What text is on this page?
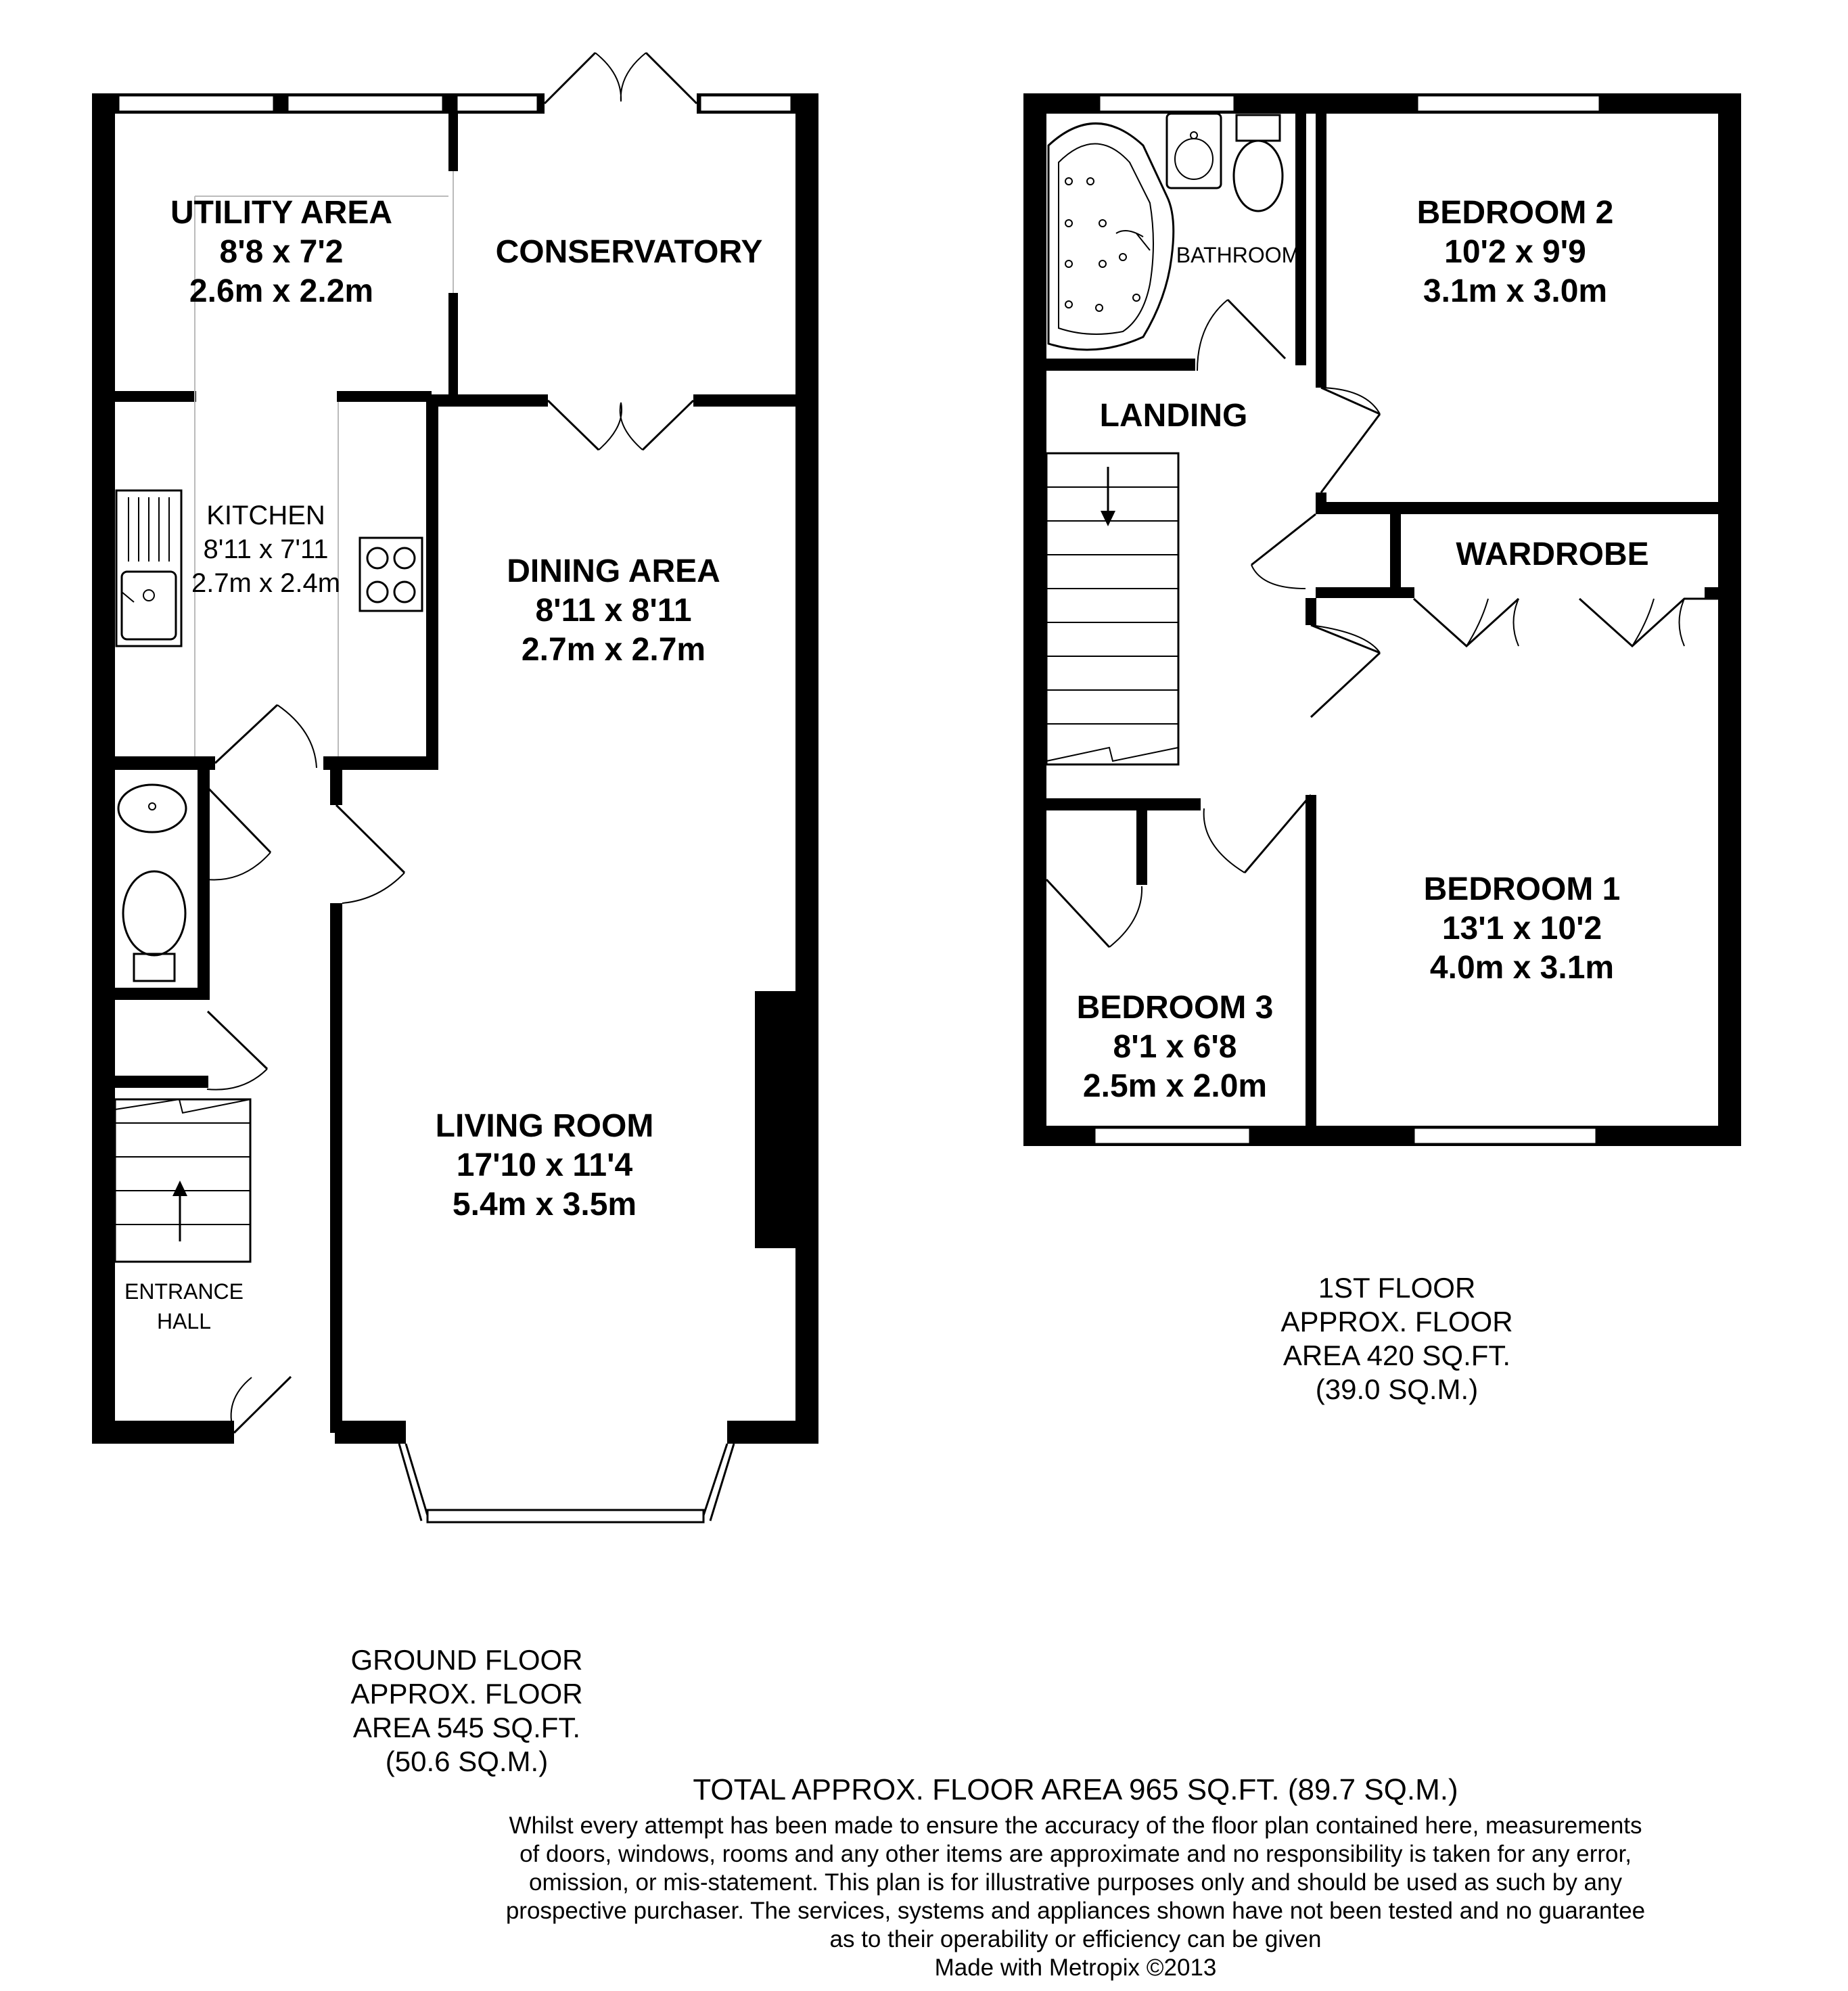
UTILITY AREA
8'8 x 7'2
2.6m x 2.2m
CONSERVATORY
KITCHEN
8'11 x 7'11
2.7m x 2.4m	DINING AREA
8'11 x 8'11
2.7m x 2.7m
LIVING ROOM
17'10 x 11'4
5.4m x 3.5m
ENTRANCE
HALL
BATHROOM
BEDROOM 2
10'2 x 9'9
3.1m x 3.0m
LANDING
WARDROBE
BEDROOM 1
13'1 x 10'2
4.0m x 3.1m
BEDROOM 3
8'1 x 6'8
2.5m x 2.0m
1ST FLOOR
APPROX. FLOOR
AREA 420 SQ.FT.
(39.0 SQ.M.)
GROUND FLOOR
APPROX. FLOOR
AREA 545 SQ.FT.
(50.6 SQ.M.)
TOTAL APPROX. FLOOR AREA 965 SQ.FT. (89.7 SQ.M.)
Whilst every attempt has been made to ensure the accuracy of the floor plan contained here, measurements
of doors, windows, rooms and any other items are approximate and no responsibility is taken for any error,
omission, or mis-statement. This plan is for illustrative purposes only and should be used as such by any
prospective purchaser. The services, systems and appliances shown have not been tested and no guarantee
as to their operability or efficiency can be given
Made with Metropix ©2013
